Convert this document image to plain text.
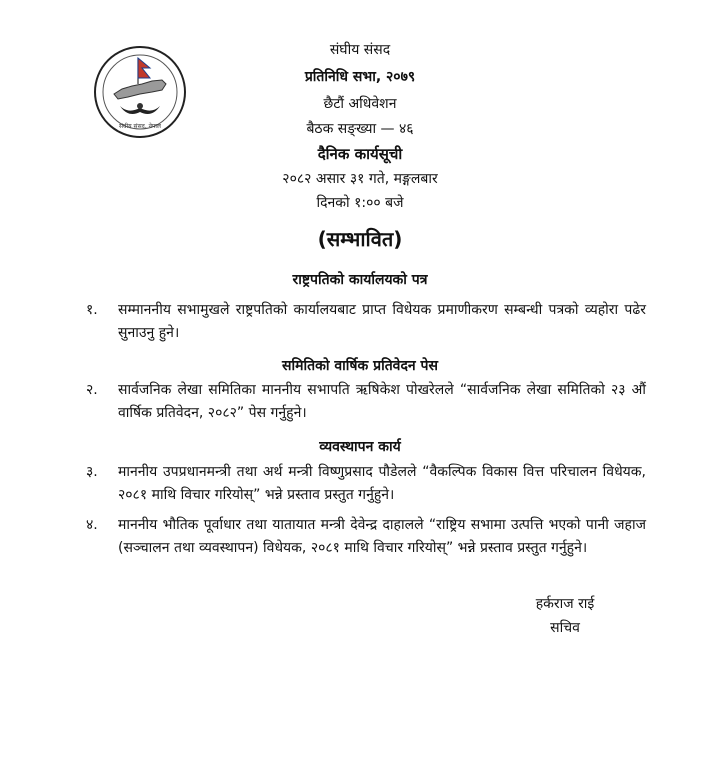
संघीय संसद, नेपाल
संघीय संसद
प्रतिनिधि सभा, २०७९
छैटौं अधिवेशन
बैठक सङ्ख्या — ४६
दैनिक कार्यसूची
२०८२ असार ३१ गते, मङ्गलबार
दिनको १:०० बजे
(सम्भावित)
राष्ट्रपतिको कार्यालयको पत्र
१.	सम्माननीय सभामुखले राष्ट्रपतिको कार्यालयबाट प्राप्त विधेयक प्रमाणीकरण सम्बन्धी पत्रको व्यहोरा पढेर सुनाउनु हुने।
समितिको वार्षिक प्रतिवेदन पेस
२.	सार्वजनिक लेखा समितिका माननीय सभापति ऋषिकेश पोखरेलले “सार्वजनिक लेखा समितिको २३ औं वार्षिक प्रतिवेदन, २०८२” पेस गर्नुहुने।
व्यवस्थापन कार्य
३.	माननीय उपप्रधानमन्त्री तथा अर्थ मन्त्री विष्णुप्रसाद पौडेलले “वैकल्पिक विकास वित्त परिचालन विधेयक, २०८१ माथि विचार गरियोस्” भन्ने प्रस्ताव प्रस्तुत गर्नुहुने।
४.	माननीय भौतिक पूर्वाधार तथा यातायात मन्त्री देवेन्द्र दाहालले “राष्ट्रिय सभामा उत्पत्ति भएको पानी जहाज (सञ्चालन तथा व्यवस्थापन) विधेयक, २०८१ माथि विचार गरियोस्” भन्ने प्रस्ताव प्रस्तुत गर्नुहुने।
हर्कराज राई
सचिव
